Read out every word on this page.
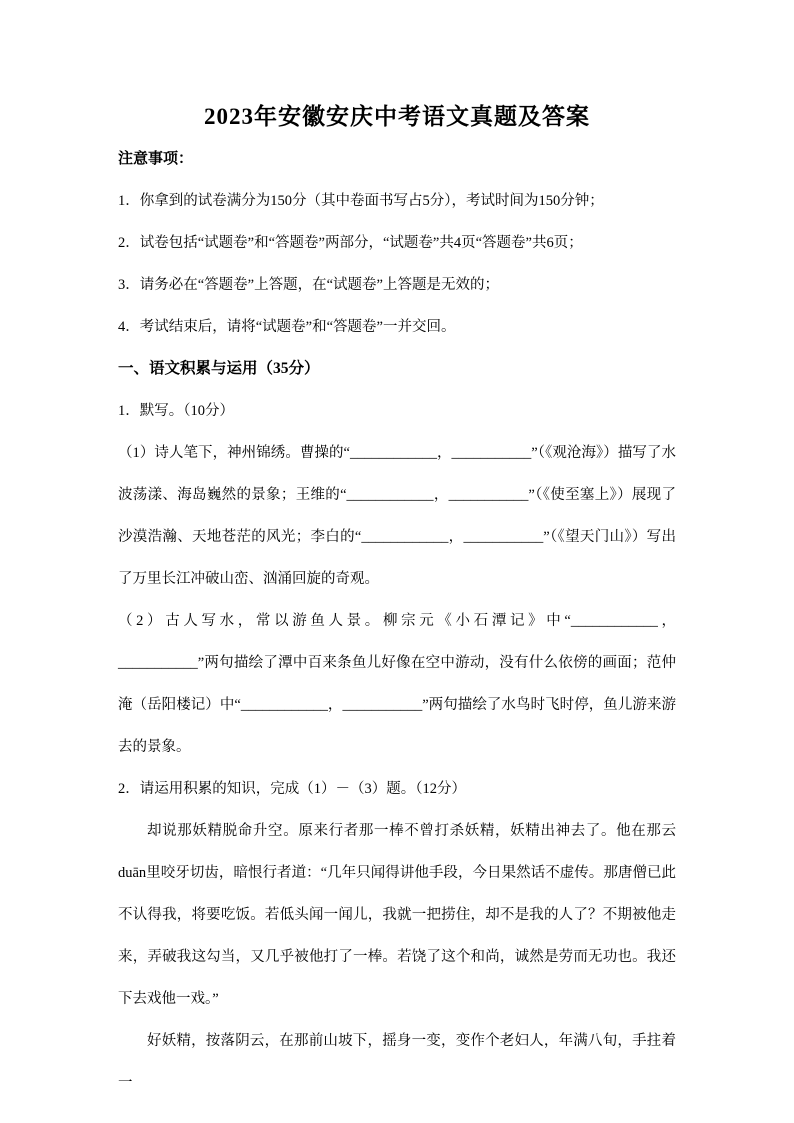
2023年安徽安庆中考语文真题及答案

注意事项：

1．你拿到的试卷满分为150分（其中卷面书写占5分），考试时间为150分钟；

2．试卷包括“试题卷”和“答题卷”两部分，“试题卷”共4页“答题卷”共6页；

3．请务必在“答题卷”上答题，在“试题卷”上答题是无效的；

4．考试结束后，请将“试题卷”和“答题卷”一并交回。

一、语文积累与运用（35分）

1．默写。（10分）

（1）诗人笔下，神州锦绣。曹操的“____________，___________”（《观沧海》）描写了水波荡漾、海岛巍然的景象；王维的“____________，___________”（《使至塞上》）展现了沙漠浩瀚、天地苍茫的风光；李白的“____________，___________”（《望天门山》）写出了万里长江冲破山峦、汹涌回旋的奇观。

（2）古人写水，常以游鱼人景。柳宗元《小石潭记》中“____________，___________”两句描绘了潭中百来条鱼儿好像在空中游动，没有什么依傍的画面；范仲淹（岳阳楼记）中“____________，___________”两句描绘了水鸟时飞时停，鱼儿游来游去的景象。

2．请运用积累的知识，完成（1）－（3）题。（12分）

却说那妖精脱命升空。原来行者那一棒不曾打杀妖精，妖精出神去了。他在那云duān里咬牙切齿，暗恨行者道：“几年只闻得讲他手段，今日果然话不虚传。那唐僧已此不认得我，将要吃饭。若低头闻一闻儿，我就一把捞住，却不是我的人了？不期被他走来，弄破我这勾当，又几乎被他打了一棒。若饶了这个和尚，诚然是劳而无功也。我还下去戏他一戏。”

好妖精，按落阴云，在那前山坡下，摇身一变，变作个老妇人，年满八旬，手拄着一
